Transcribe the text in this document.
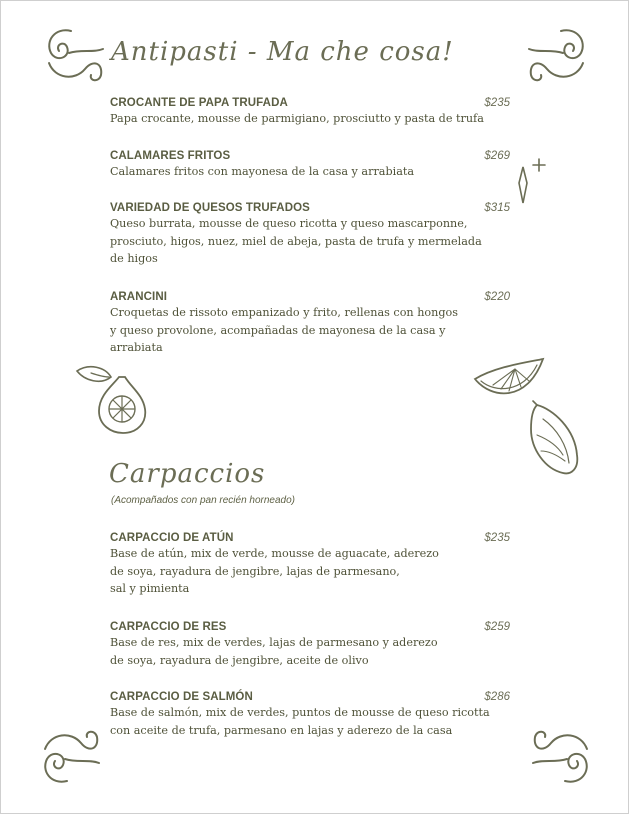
Antipasti - Ma che cosa!
CROCANTE DE PAPA TRUFADA	$235
Papa crocante, mousse de parmigiano, prosciutto y pasta de trufa
CALAMARES FRITOS	$269
Calamares fritos con mayonesa de la casa y arrabiata
VARIEDAD DE QUESOS TRUFADOS	$315
Queso burrata, mousse de queso ricotta y queso mascarponne,
prosciuto, higos, nuez, miel de abeja, pasta de trufa y mermelada
de higos
ARANCINI	$220
Croquetas de rissoto empanizado y frito, rellenas con hongos
y queso provolone, acompañadas de mayonesa de la casa y
arrabiata
Carpaccios
(Acompañados con pan recién horneado)
CARPACCIO DE ATÚN	$235
Base de atún, mix de verde, mousse de aguacate, aderezo
de soya, rayadura de jengibre, lajas de parmesano,
sal y pimienta
CARPACCIO DE RES	$259
Base de res, mix de verdes, lajas de parmesano y aderezo
de soya, rayadura de jengibre, aceite de olivo
CARPACCIO DE SALMÓN	$286
Base de salmón, mix de verdes, puntos de mousse de queso ricotta
con aceite de trufa, parmesano en lajas y aderezo de la casa
